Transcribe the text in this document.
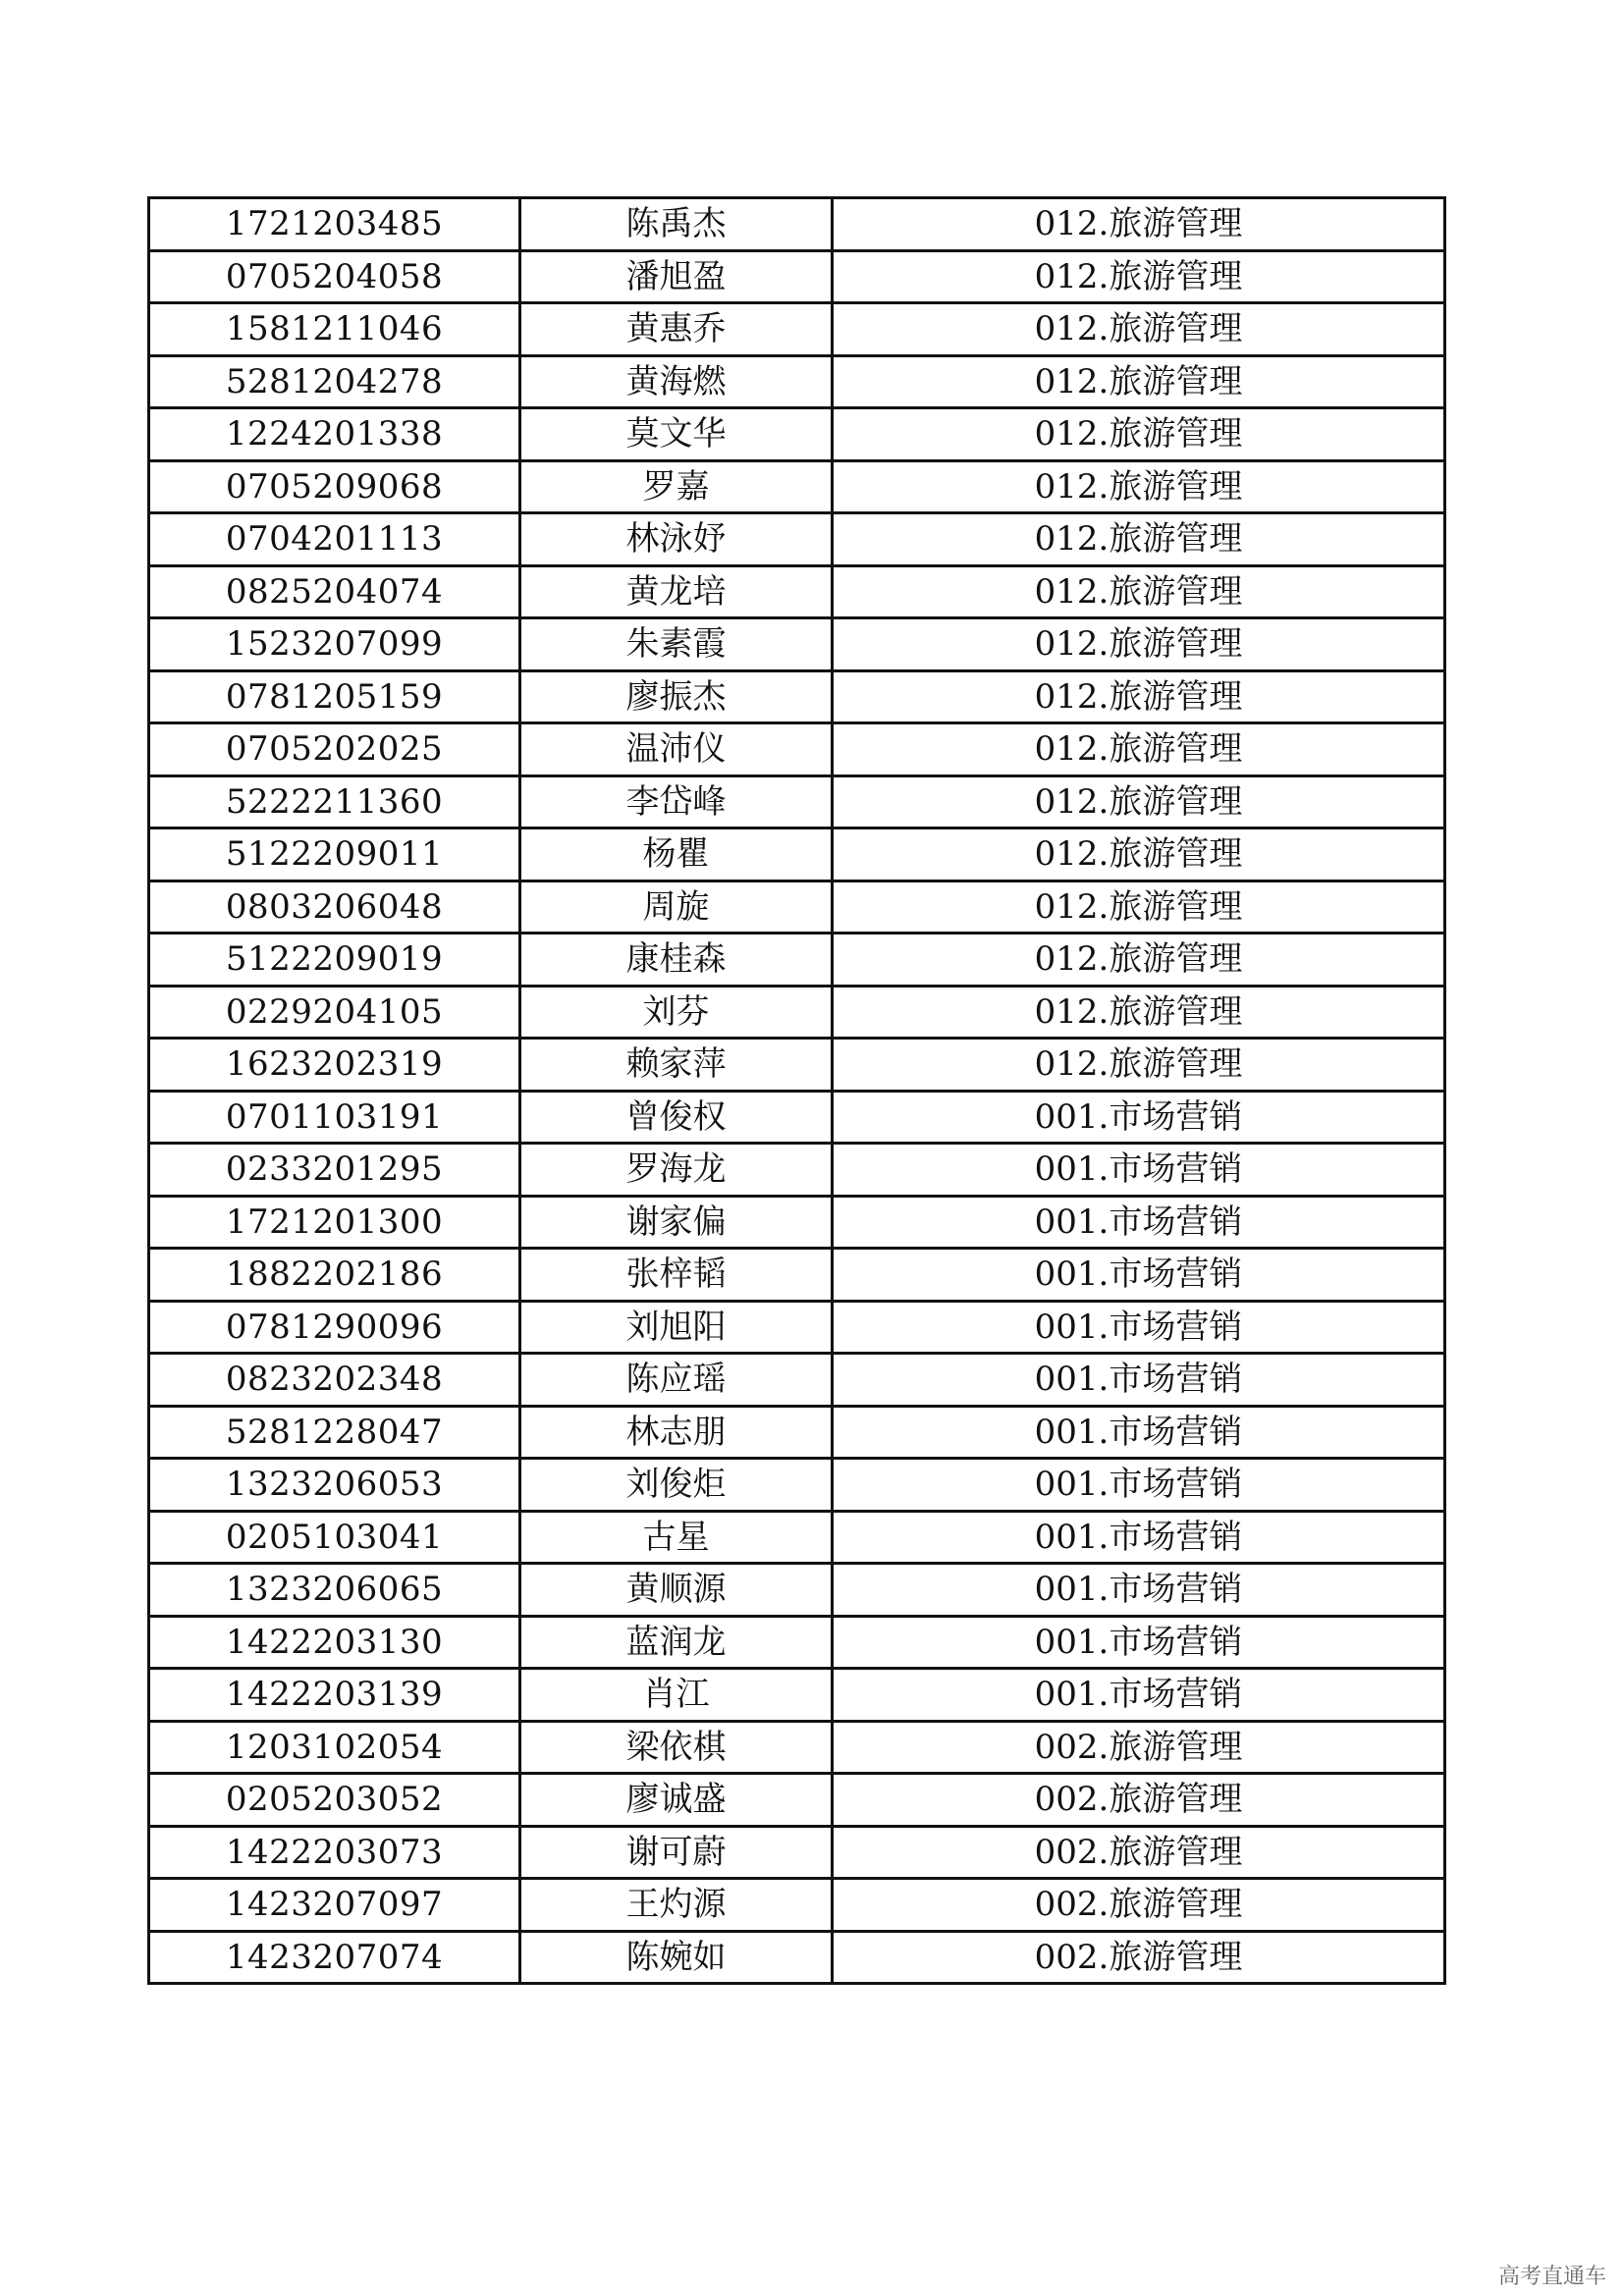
1721203485	陈禹杰	012.旅游管理
0705204058	潘旭盈	012.旅游管理
1581211046	黄惠乔	012.旅游管理
5281204278	黄海燃	012.旅游管理
1224201338	莫文华	012.旅游管理
0705209068	罗嘉	012.旅游管理
0704201113	林泳妤	012.旅游管理
0825204074	黄龙培	012.旅游管理
1523207099	朱素霞	012.旅游管理
0781205159	廖振杰	012.旅游管理
0705202025	温沛仪	012.旅游管理
5222211360	李岱峰	012.旅游管理
5122209011	杨瞿	012.旅游管理
0803206048	周旋	012.旅游管理
5122209019	康桂森	012.旅游管理
0229204105	刘芬	012.旅游管理
1623202319	赖家萍	012.旅游管理
0701103191	曾俊权	001.市场营销
0233201295	罗海龙	001.市场营销
1721201300	谢家偏	001.市场营销
1882202186	张梓韬	001.市场营销
0781290096	刘旭阳	001.市场营销
0823202348	陈应瑶	001.市场营销
5281228047	林志朋	001.市场营销
1323206053	刘俊炬	001.市场营销
0205103041	古星	001.市场营销
1323206065	黄顺源	001.市场营销
1422203130	蓝润龙	001.市场营销
1422203139	肖江	001.市场营销
1203102054	梁依棋	002.旅游管理
0205203052	廖诚盛	002.旅游管理
1422203073	谢可蔚	002.旅游管理
1423207097	王灼源	002.旅游管理
1423207074	陈婉如	002.旅游管理
高考直通车
